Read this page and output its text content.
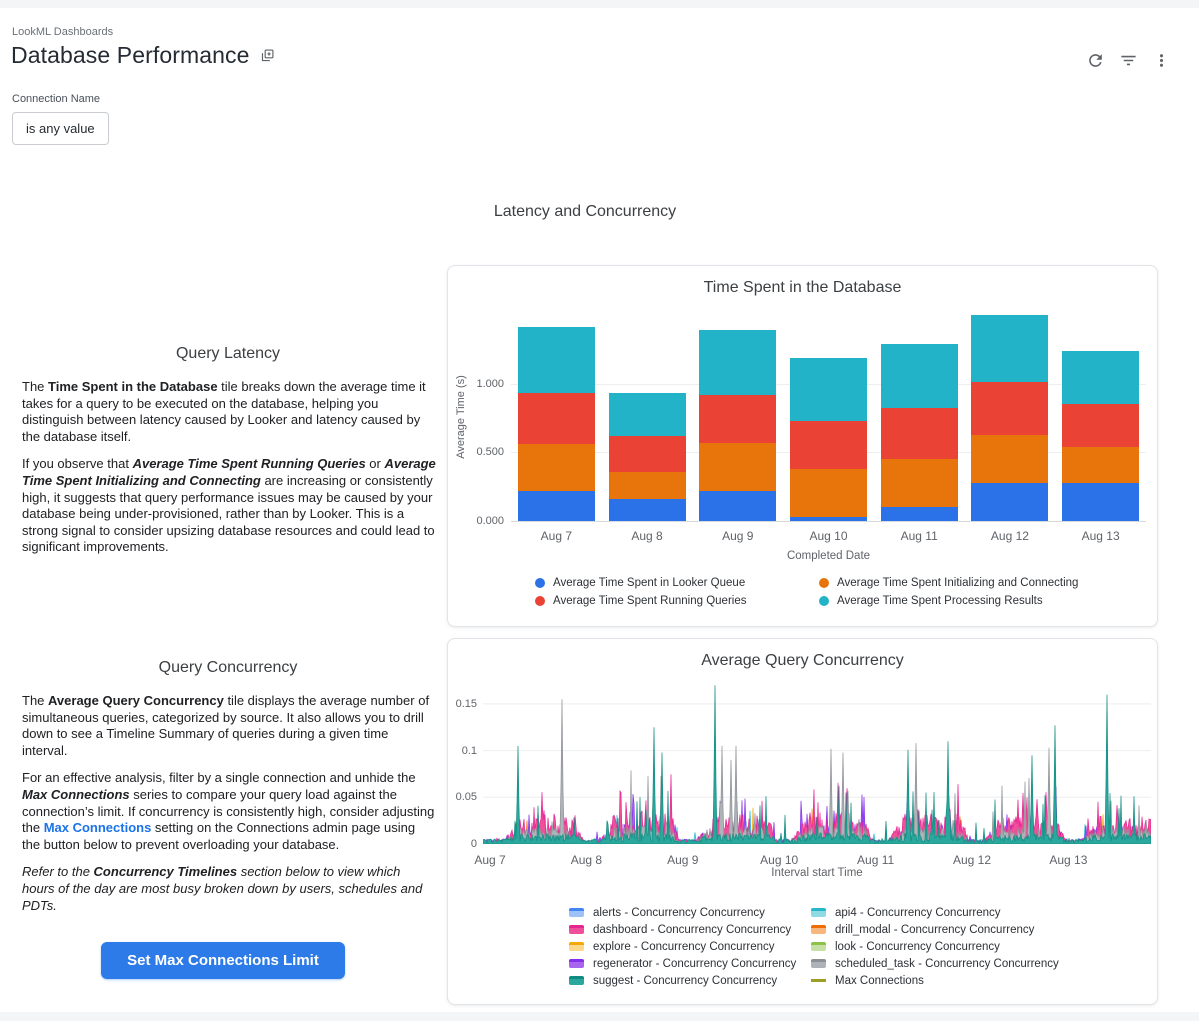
LookML Dashboards
Database Performance
Connection Name
is any value
Latency and Concurrency
Query Latency

The Time Spent in the Database tile breaks down the average time it takes for a query to be executed on the database, helping you distinguish between latency caused by Looker and latency caused by the database itself.

If you observe that Average Time Spent Running Queries or Average Time Spent Initializing and Connecting are increasing or consistently high, it suggests that query performance issues may be caused by your database being under-provisioned, rather than by Looker. This is a strong signal to consider upsizing database resources and could lead to significant improvements.

Query Concurrency

The Average Query Concurrency tile displays the average number of simultaneous queries, categorized by source. It also allows you to drill down to see a Timeline Summary of queries during a given time interval.

For an effective analysis, filter by a single connection and unhide the Max Connections series to compare your query load against the connection’s limit. If concurrency is consistently high, consider adjusting the Max Connections setting on the Connections admin page using the button below to prevent overloading your database.

Refer to the Concurrency Timelines section below to view which hours of the day are most busy broken down by users, schedules and PDTs.

Set Max Connections Limit
Time Spent in the Database
Average Time (s)
0.000
0.500
1.000
Aug 7	Aug 8	Aug 9	Aug 10	Aug 11	Aug 12	Aug 13
Completed Date
Average Time Spent in Looker Queue
Average Time Spent Running Queries
Average Time Spent Initializing and Connecting
Average Time Spent Processing Results
Average Query Concurrency
0
0.05
0.1
0.15
Aug 7	Aug 8	Aug 9	Aug 10	Aug 11	Aug 12	Aug 13
Interval start Time
alerts - Concurrency Concurrency
dashboard - Concurrency Concurrency
explore - Concurrency Concurrency
regenerator - Concurrency Concurrency
suggest - Concurrency Concurrency
api4 - Concurrency Concurrency
drill_modal - Concurrency Concurrency
look - Concurrency Concurrency
scheduled_task - Concurrency Concurrency
Max Connections
